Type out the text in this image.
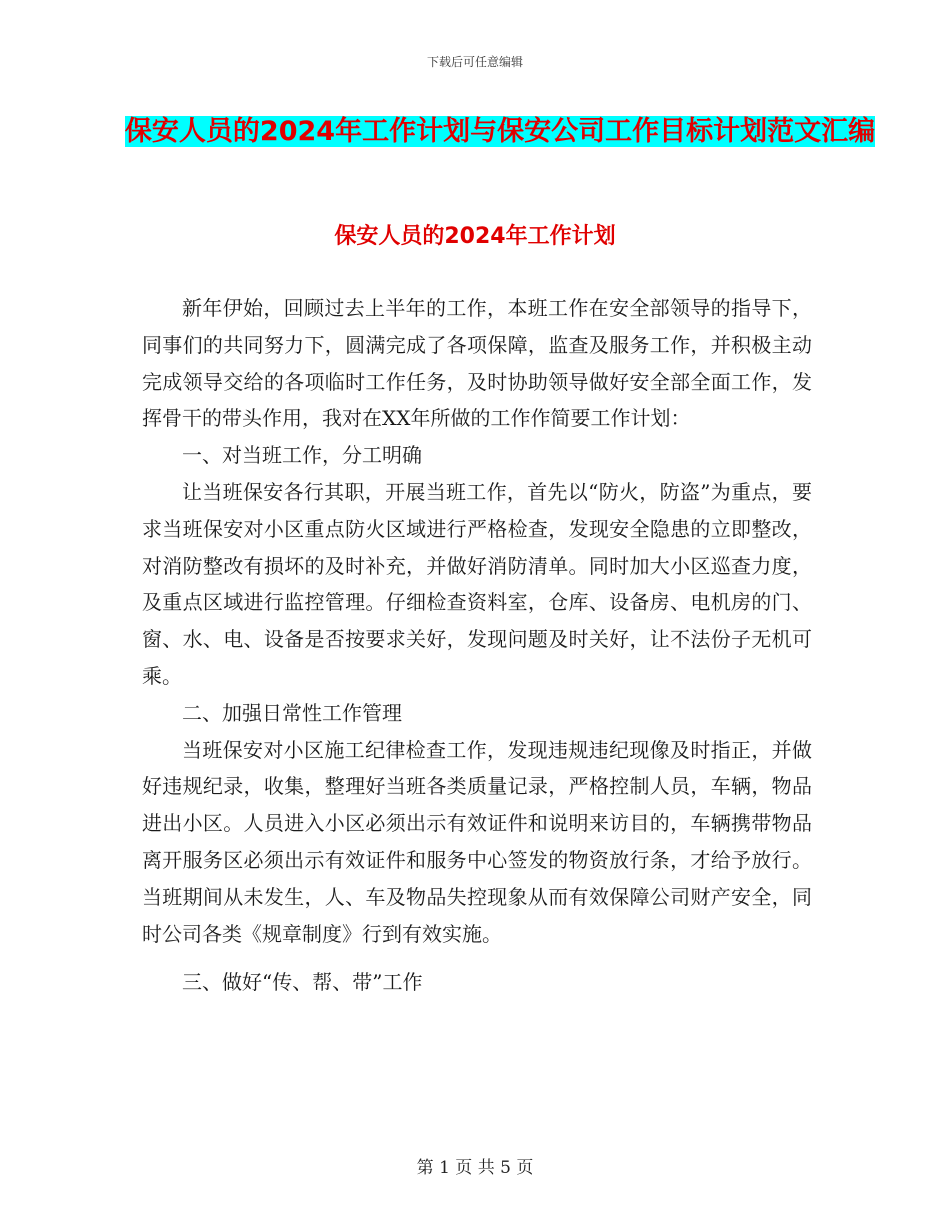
下载后可任意编辑
保安人员的2024年工作计划与保安公司工作目标计划范文汇编
保安人员的2024年工作计划

新年伊始，回顾过去上半年的工作，本班工作在安全部领导的指导下，同事们的共同努力下，圆满完成了各项保障，监查及服务工作，并积极主动完成领导交给的各项临时工作任务，及时协助领导做好安全部全面工作，发挥骨干的带头作用，我对在XX年所做的工作作简要工作计划：

一、对当班工作，分工明确

让当班保安各行其职，开展当班工作，首先以“防火，防盗”为重点，要求当班保安对小区重点防火区域进行严格检查，发现安全隐患的立即整改，对消防整改有损坏的及时补充，并做好消防清单。同时加大小区巡查力度，及重点区域进行监控管理。仔细检查资料室，仓库、设备房、电机房的门、窗、水、电、设备是否按要求关好，发现问题及时关好，让不法份子无机可乘。

二、加强日常性工作管理

当班保安对小区施工纪律检查工作，发现违规违纪现像及时指正，并做好违规纪录，收集，整理好当班各类质量记录，严格控制人员，车辆，物品进出小区。人员进入小区必须出示有效证件和说明来访目的，车辆携带物品离开服务区必须出示有效证件和服务中心签发的物资放行条，才给予放行。当班期间从未发生，人、车及物品失控现象从而有效保障公司财产安全，同时公司各类《规章制度》行到有效实施。

三、做好“传、帮、带”工作

第 1 页 共 5 页
